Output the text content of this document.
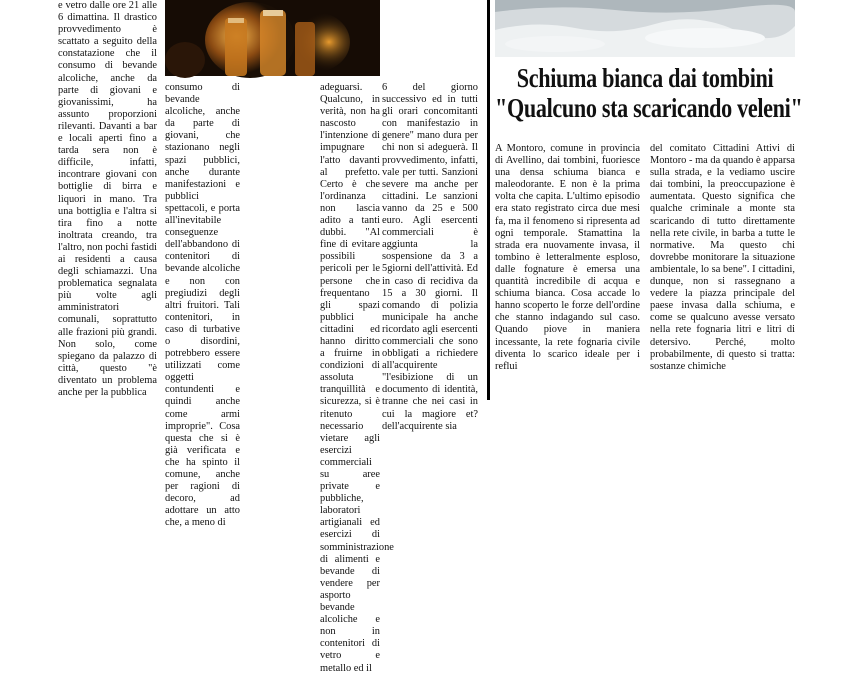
e vetro dalle ore 21 alle 6 dimattina. Il drastico provvedimento è scattato a seguito della constatazione che il consumo di bevande alcoliche, anche da parte di giovani e giovanissimi, ha assunto proporzioni rilevanti. Davanti a bar e locali aperti fino a tarda sera non è difficile, infatti, incontrare giovani con bottiglie di birra e liquori in mano. Tra una bottiglia e l'altra si tira fino a notte inoltrata creando, tra l'altro, non pochi fastidi ai residenti a causa degli schiamazzi. Una problematica segnalata più volte agli amministratori comunali, soprattutto alle frazioni più grandi. Non solo, come spiegano da palazzo di città, questo "è diventato un problema anche per la pubblica

consumo di bevande alcoliche, anche da parte di giovani, che stazionano negli spazi pubblici, anche durante manifestazioni e pubblici spettacoli, e porta all'inevitabile conseguenze dell'abbandono di contenitori di bevande alcoliche e non con pregiudizi degli altri fruitori. Tali contenitori, in caso di turbative o disordini, potrebbero essere utilizzati come oggetti contundenti e quindi anche come armi improprie". Cosa questa che si è già verificata e che ha spinto il comune, anche per ragioni di decoro, ad adottare un atto che, a meno di

adeguarsi. Qualcuno, in verità, non ha nascosto l'intenzione di impugnare l'atto davanti al prefetto. Certo è che l'ordinanza non lascia adito a tanti dubbi. "Al fine di evitare possibili pericoli per le persone che frequentano gli spazi pubblici cittadini ed hanno diritto a fruirne in condizioni di assoluta tranquillità e sicurezza, si è ritenuto necessario vietare agli esercizi commerciali su aree private e pubbliche, laboratori artigianali ed esercizi di somministrazione di alimenti e bevande di vendere per asporto bevande alcoliche e non in contenitori di vetro e metallo ed il

6 del giorno successivo ed in tutti gli orari concomitanti con manifestazio in genere" mano dura per chi non si adeguerà. Il provvedimento, infatti, vale per tutti. Sanzioni severe ma anche per cittadini. Le sanzioni vanno da 25 e 500 euro. Agli esercenti commerciali è aggiunta la sospensione da 3 a 5giorni dell'attività. Ed in caso di recidiva da 15 a 30 giorni. Il comando di polizia municipale ha anche ricordato agli esercenti commerciali che sono obbligati a richiedere all'acquirente "l'esibizione di un documento di identità, tranne che nei casi in cui la magiore et? dell'acquirente sia

Schiuma bianca dai tombini
"Qualcuno sta scaricando veleni"

A Montoro, comune in provincia di Avellino, dai tombini, fuoriesce una densa schiuma bianca e maleodorante. E non è la prima volta che capita. L'ultimo episodio era stato registrato circa due mesi fa, ma il fenomeno si ripresenta ad ogni temporale. Stamattina la strada era nuovamente invasa, il tombino è letteralmente esploso, dalle fognature è emersa una quantità incredibile di acqua e schiuma bianca. Cosa accade lo hanno scoperto le forze dell'ordine che stanno indagando sul caso. Quando piove in maniera incessante, la rete fognaria civile diventa lo scarico ideale per i reflui

del comitato Cittadini Attivi di Montoro - ma da quando è apparsa sulla strada, e la vediamo uscire dai tombini, la preoccupazione è aumentata. Questo significa che qualche criminale a monte sta scaricando di tutto direttamente nella rete civile, in barba a tutte le normative. Ma questo chi dovrebbe monitorare la situazione ambientale, lo sa bene". I cittadini, dunque, non si rassegnano a vedere la piazza principale del paese invasa dalla schiuma, e come se qualcuno avesse versato nella rete fognaria litri e litri di detersivo. Perché, molto probabilmente, di questo si tratta: sostanze chimiche
